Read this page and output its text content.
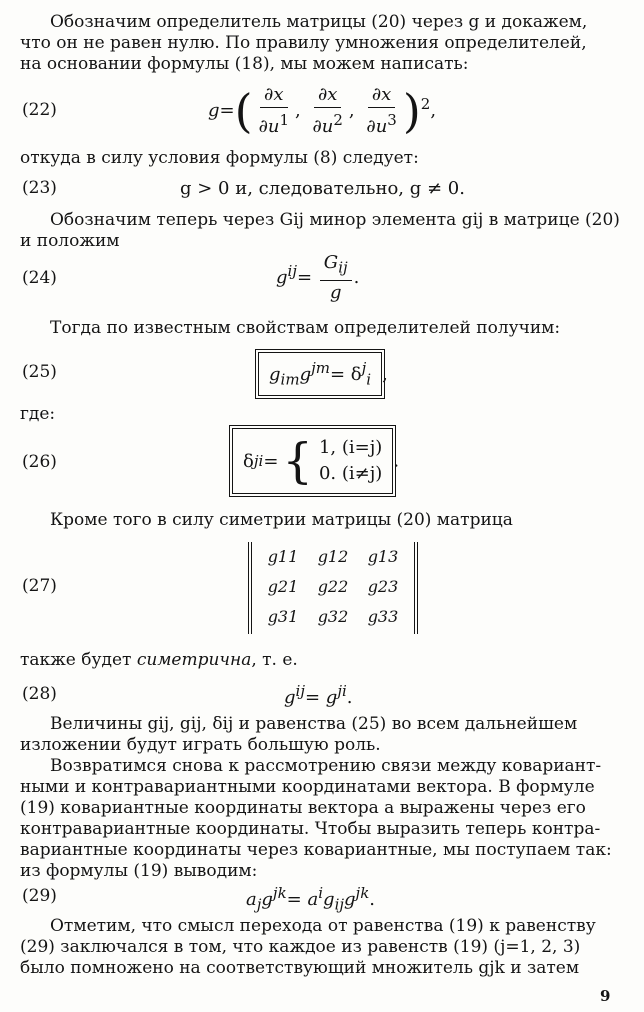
Обозначим определитель матрицы (20) через g и докажем,
что он не равен нулю. По правилу умножения определителей,
на основании формулы (18), мы можем написать:

(22)	$g=( \frac{\partial x}{\partial u^1}$ , $\frac{\partial x}{\partial u^2}$ , $\frac{\partial x}{\partial u^3} )^2$,

откуда в силу условия формулы (8) следует:

(23)	g > 0 и, следовательно, g ≠ 0.

Обозначим теперь через Gij минор элемента gij в матрице (20)
и положим

(24)	$g^{ij}= \frac{G_{ij}}{g}$ .

Тогда по известным свойствам определителей получим:

(25)	$g_{im}g^{jm}= \delta^j_i$ ,

где:

(26)	δ j i = { 1, (i=j)
0. (i≠j)
.

Кроме того в силу симетрии матрицы (20) матрица

(27)
g11 g12 g13
g21 g22 g23
g31 g32 g33

также будет симетрична, т. е.

(28)	$g^{ij}= g^{ji}$.

Величины gij, gij, δij и равенства (25) во всем дальнейшем
изложении будут играть большую роль.

Возвратимся снова к рассмотрению связи между ковариант-
ными и контравариантными координатами вектора. В формуле
(19) ковариантные координаты вектора a выражены через его
контравариантные координаты. Чтобы выразить теперь контра-
вариантные координаты через ковариантные, мы поступаем так:
из формулы (19) выводим:

(29)	$a_jg^{jk}= a^ig_{ij}g^{jk}$.

Отметим, что смысл перехода от равенства (19) к равенству
(29) заключался в том, что каждое из равенств (19) (j=1, 2, 3)
было помножено на соответствующий множитель gjk и затем

9
